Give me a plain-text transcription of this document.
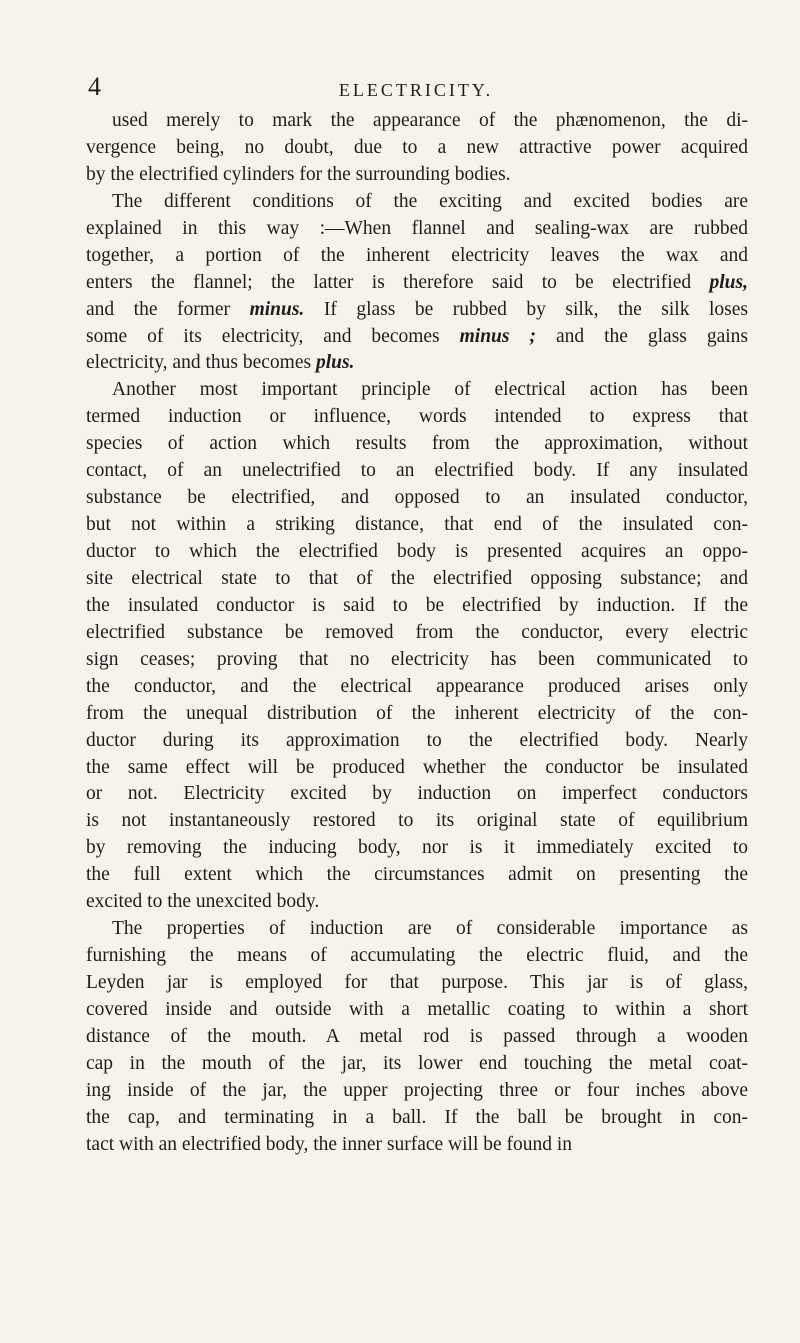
4	ELECTRICITY.
used merely to mark the appearance of the phænomenon, the di-
vergence being, no doubt, due to a new attractive power acquired
by the electrified cylinders for the surrounding bodies.
The different conditions of the exciting and excited bodies are
explained in this way :—When flannel and sealing-wax are rubbed
together, a portion of the inherent electricity leaves the wax and
enters the flannel; the latter is therefore said to be electrified plus,
and the former minus. If glass be rubbed by silk, the silk loses
some of its electricity, and becomes minus ; and the glass gains
electricity, and thus becomes plus.
Another most important principle of electrical action has been
termed induction or influence, words intended to express that
species of action which results from the approximation, without
contact, of an unelectrified to an electrified body. If any insulated
substance be electrified, and opposed to an insulated conductor,
but not within a striking distance, that end of the insulated con-
ductor to which the electrified body is presented acquires an oppo-
site electrical state to that of the electrified opposing substance; and
the insulated conductor is said to be electrified by induction. If the
electrified substance be removed from the conductor, every electric
sign ceases; proving that no electricity has been communicated to
the conductor, and the electrical appearance produced arises only
from the unequal distribution of the inherent electricity of the con-
ductor during its approximation to the electrified body. Nearly
the same effect will be produced whether the conductor be insulated
or not. Electricity excited by induction on imperfect conductors
is not instantaneously restored to its original state of equilibrium
by removing the inducing body, nor is it immediately excited to
the full extent which the circumstances admit on presenting the
excited to the unexcited body.
The properties of induction are of considerable importance as
furnishing the means of accumulating the electric fluid, and the
Leyden jar is employed for that purpose. This jar is of glass,
covered inside and outside with a metallic coating to within a short
distance of the mouth. A metal rod is passed through a wooden
cap in the mouth of the jar, its lower end touching the metal coat-
ing inside of the jar, the upper projecting three or four inches above
the cap, and terminating in a ball. If the ball be brought in con-
tact with an electrified body, the inner surface will be found in
